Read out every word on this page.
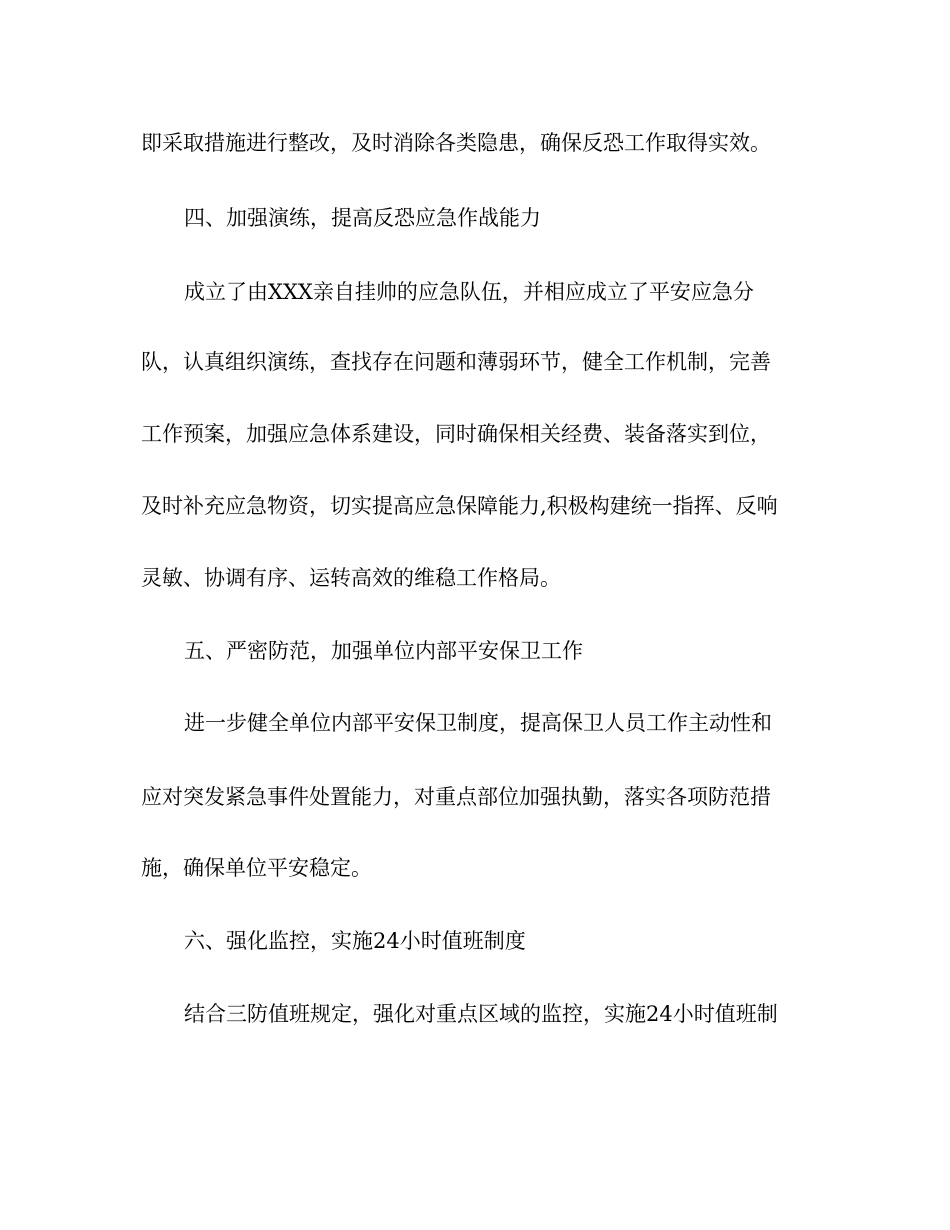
即采取措施进行整改，及时消除各类隐患，确保反恐工作取得实效。
四、加强演练，提高反恐应急作战能力
成立了由XXX亲自挂帅的应急队伍，并相应成立了平安应急分
队，认真组织演练，查找存在问题和薄弱环节，健全工作机制，完善
工作预案，加强应急体系建设，同时确保相关经费、装备落实到位，
及时补充应急物资，切实提高应急保障能力,积极构建统一指挥、反响
灵敏、协调有序、运转高效的维稳工作格局。
五、严密防范，加强单位内部平安保卫工作
进一步健全单位内部平安保卫制度，提高保卫人员工作主动性和
应对突发紧急事件处置能力，对重点部位加强执勤，落实各项防范措
施，确保单位平安稳定。
六、强化监控，实施24小时值班制度
结合三防值班规定，强化对重点区域的监控，实施24小时值班制
